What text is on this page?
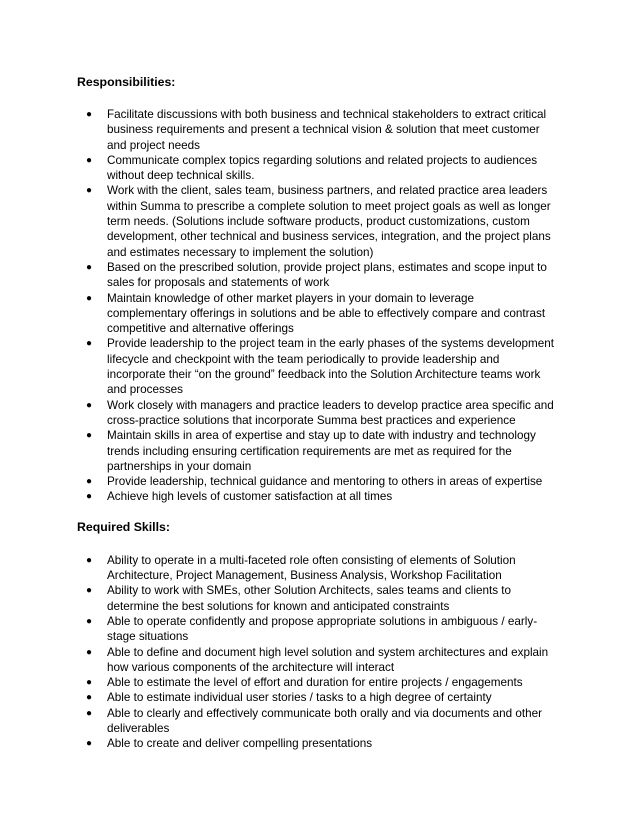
Responsibilities:

● Facilitate discussions with both business and technical stakeholders to extract critical business requirements and present a technical vision & solution that meet customer and project needs
● Communicate complex topics regarding solutions and related projects to audiences without deep technical skills.
● Work with the client, sales team, business partners, and related practice area leaders within Summa to prescribe a complete solution to meet project goals as well as longer term needs. (Solutions include software products, product customizations, custom development, other technical and business services, integration, and the project plans and estimates necessary to implement the solution)
● Based on the prescribed solution, provide project plans, estimates and scope input to sales for proposals and statements of work
● Maintain knowledge of other market players in your domain to leverage complementary offerings in solutions and be able to effectively compare and contrast competitive and alternative offerings
● Provide leadership to the project team in the early phases of the systems development lifecycle and checkpoint with the team periodically to provide leadership and incorporate their “on the ground” feedback into the Solution Architecture teams work and processes
● Work closely with managers and practice leaders to develop practice area specific and cross-practice solutions that incorporate Summa best practices and experience
● Maintain skills in area of expertise and stay up to date with industry and technology trends including ensuring certification requirements are met as required for the partnerships in your domain
● Provide leadership, technical guidance and mentoring to others in areas of expertise
● Achieve high levels of customer satisfaction at all times

Required Skills:

● Ability to operate in a multi-faceted role often consisting of elements of Solution Architecture, Project Management, Business Analysis, Workshop Facilitation
● Ability to work with SMEs, other Solution Architects, sales teams and clients to determine the best solutions for known and anticipated constraints
● Able to operate confidently and propose appropriate solutions in ambiguous / early-stage situations
● Able to define and document high level solution and system architectures and explain how various components of the architecture will interact
● Able to estimate the level of effort and duration for entire projects / engagements
● Able to estimate individual user stories / tasks to a high degree of certainty
● Able to clearly and effectively communicate both orally and via documents and other deliverables
● Able to create and deliver compelling presentations
